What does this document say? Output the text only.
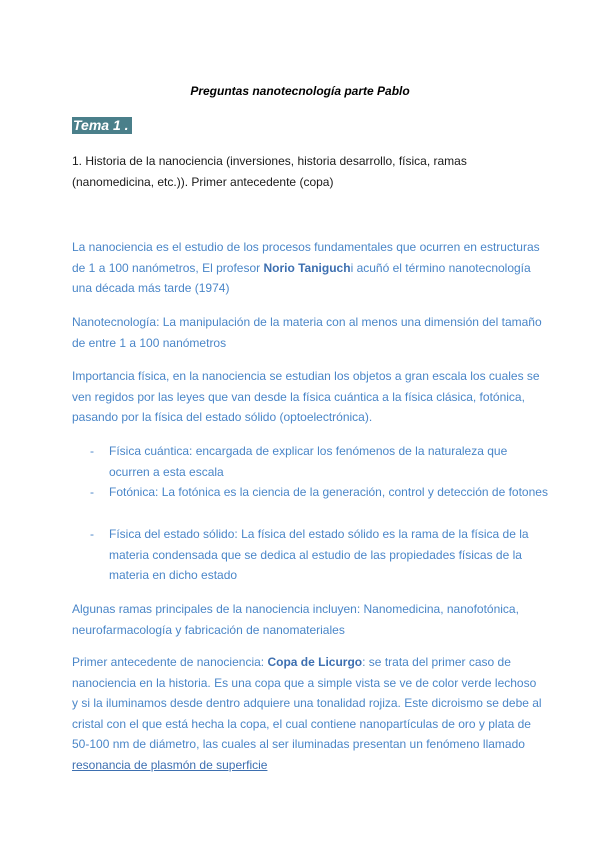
Preguntas nanotecnología parte Pablo
Tema 1 .
1. Historia de la nanociencia (inversiones, historia desarrollo, física, ramas (nanomedicina, etc.)). Primer antecedente (copa)
La nanociencia es el estudio de los procesos fundamentales que ocurren en estructuras de 1 a 100 nanómetros, El profesor Norio Taniguchi acuñó el término nanotecnología una década más tarde (1974)
Nanotecnología: La manipulación de la materia con al menos una dimensión del tamaño de entre 1 a 100 nanómetros
Importancia física, en la nanociencia se estudian los objetos a gran escala los cuales se ven regidos por las leyes que van desde la física cuántica a la física clásica, fotónica, pasando por la física del estado sólido (optoelectrónica).
- Física cuántica: encargada de explicar los fenómenos de la naturaleza que ocurren a esta escala
- Fotónica: La fotónica es la ciencia de la generación, control y detección de fotones
- Física del estado sólido: La física del estado sólido es la rama de la física de la materia condensada que se dedica al estudio de las propiedades físicas de la materia en dicho estado
Algunas ramas principales de la nanociencia incluyen: Nanomedicina, nanofotónica, neurofarmacología y fabricación de nanomateriales
Primer antecedente de nanociencia: Copa de Licurgo: se trata del primer caso de nanociencia en la historia. Es una copa que a simple vista se ve de color verde lechoso y si la iluminamos desde dentro adquiere una tonalidad rojiza. Este dicroismo se debe al cristal con el que está hecha la copa, el cual contiene nanopartículas de oro y plata de 50-100 nm de diámetro, las cuales al ser iluminadas presentan un fenómeno llamado resonancia de plasmón de superficie
